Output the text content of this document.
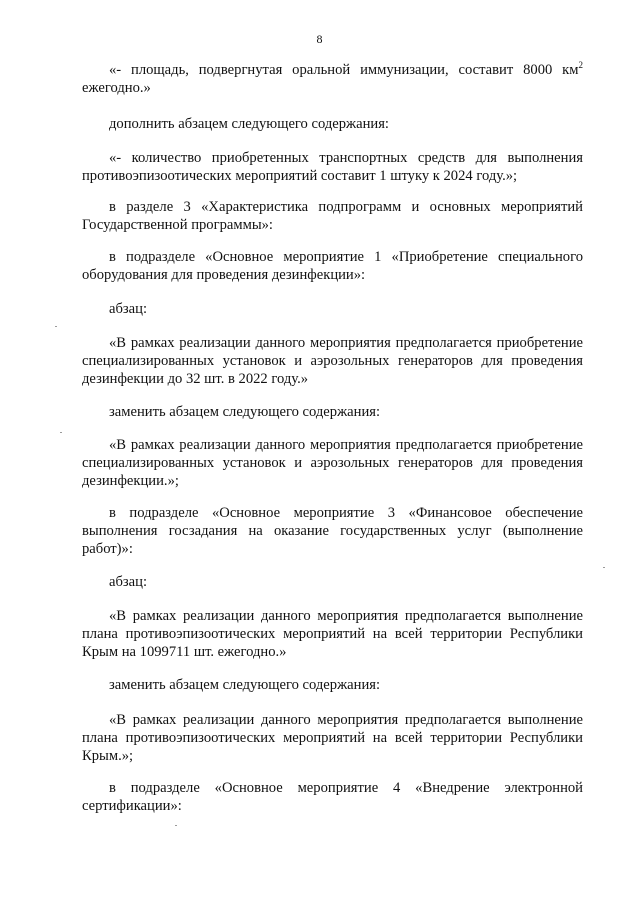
8
«- площадь, подвергнутая оральной иммунизации, составит 8000 $км^2$ ежегодно.»
дополнить абзацем следующего содержания:
«- количество приобретенных транспортных средств для выполнения противоэпизоотических мероприятий составит 1 штуку к 2024 году.»;
в разделе 3 «Характеристика подпрограмм и основных мероприятий Государственной программы»:
в подразделе «Основное мероприятие 1 «Приобретение специального оборудования для проведения дезинфекции»:
абзац:
«В рамках реализации данного мероприятия предполагается приобретение специализированных установок и аэрозольных генераторов для проведения дезинфекции до 32 шт. в 2022 году.»
заменить абзацем следующего содержания:
«В рамках реализации данного мероприятия предполагается приобретение специализированных установок и аэрозольных генераторов для проведения дезинфекции.»;
в подразделе «Основное мероприятие 3 «Финансовое обеспечение выполнения госзадания на оказание государственных услуг (выполнение работ)»:
абзац:
«В рамках реализации данного мероприятия предполагается выполнение плана противоэпизоотических мероприятий на всей территории Республики Крым на 1099711 шт. ежегодно.»
заменить абзацем следующего содержания:
«В рамках реализации данного мероприятия предполагается выполнение плана противоэпизоотических мероприятий на всей территории Республики Крым.»;
в подразделе «Основное мероприятие 4 «Внедрение электронной сертификации»:
